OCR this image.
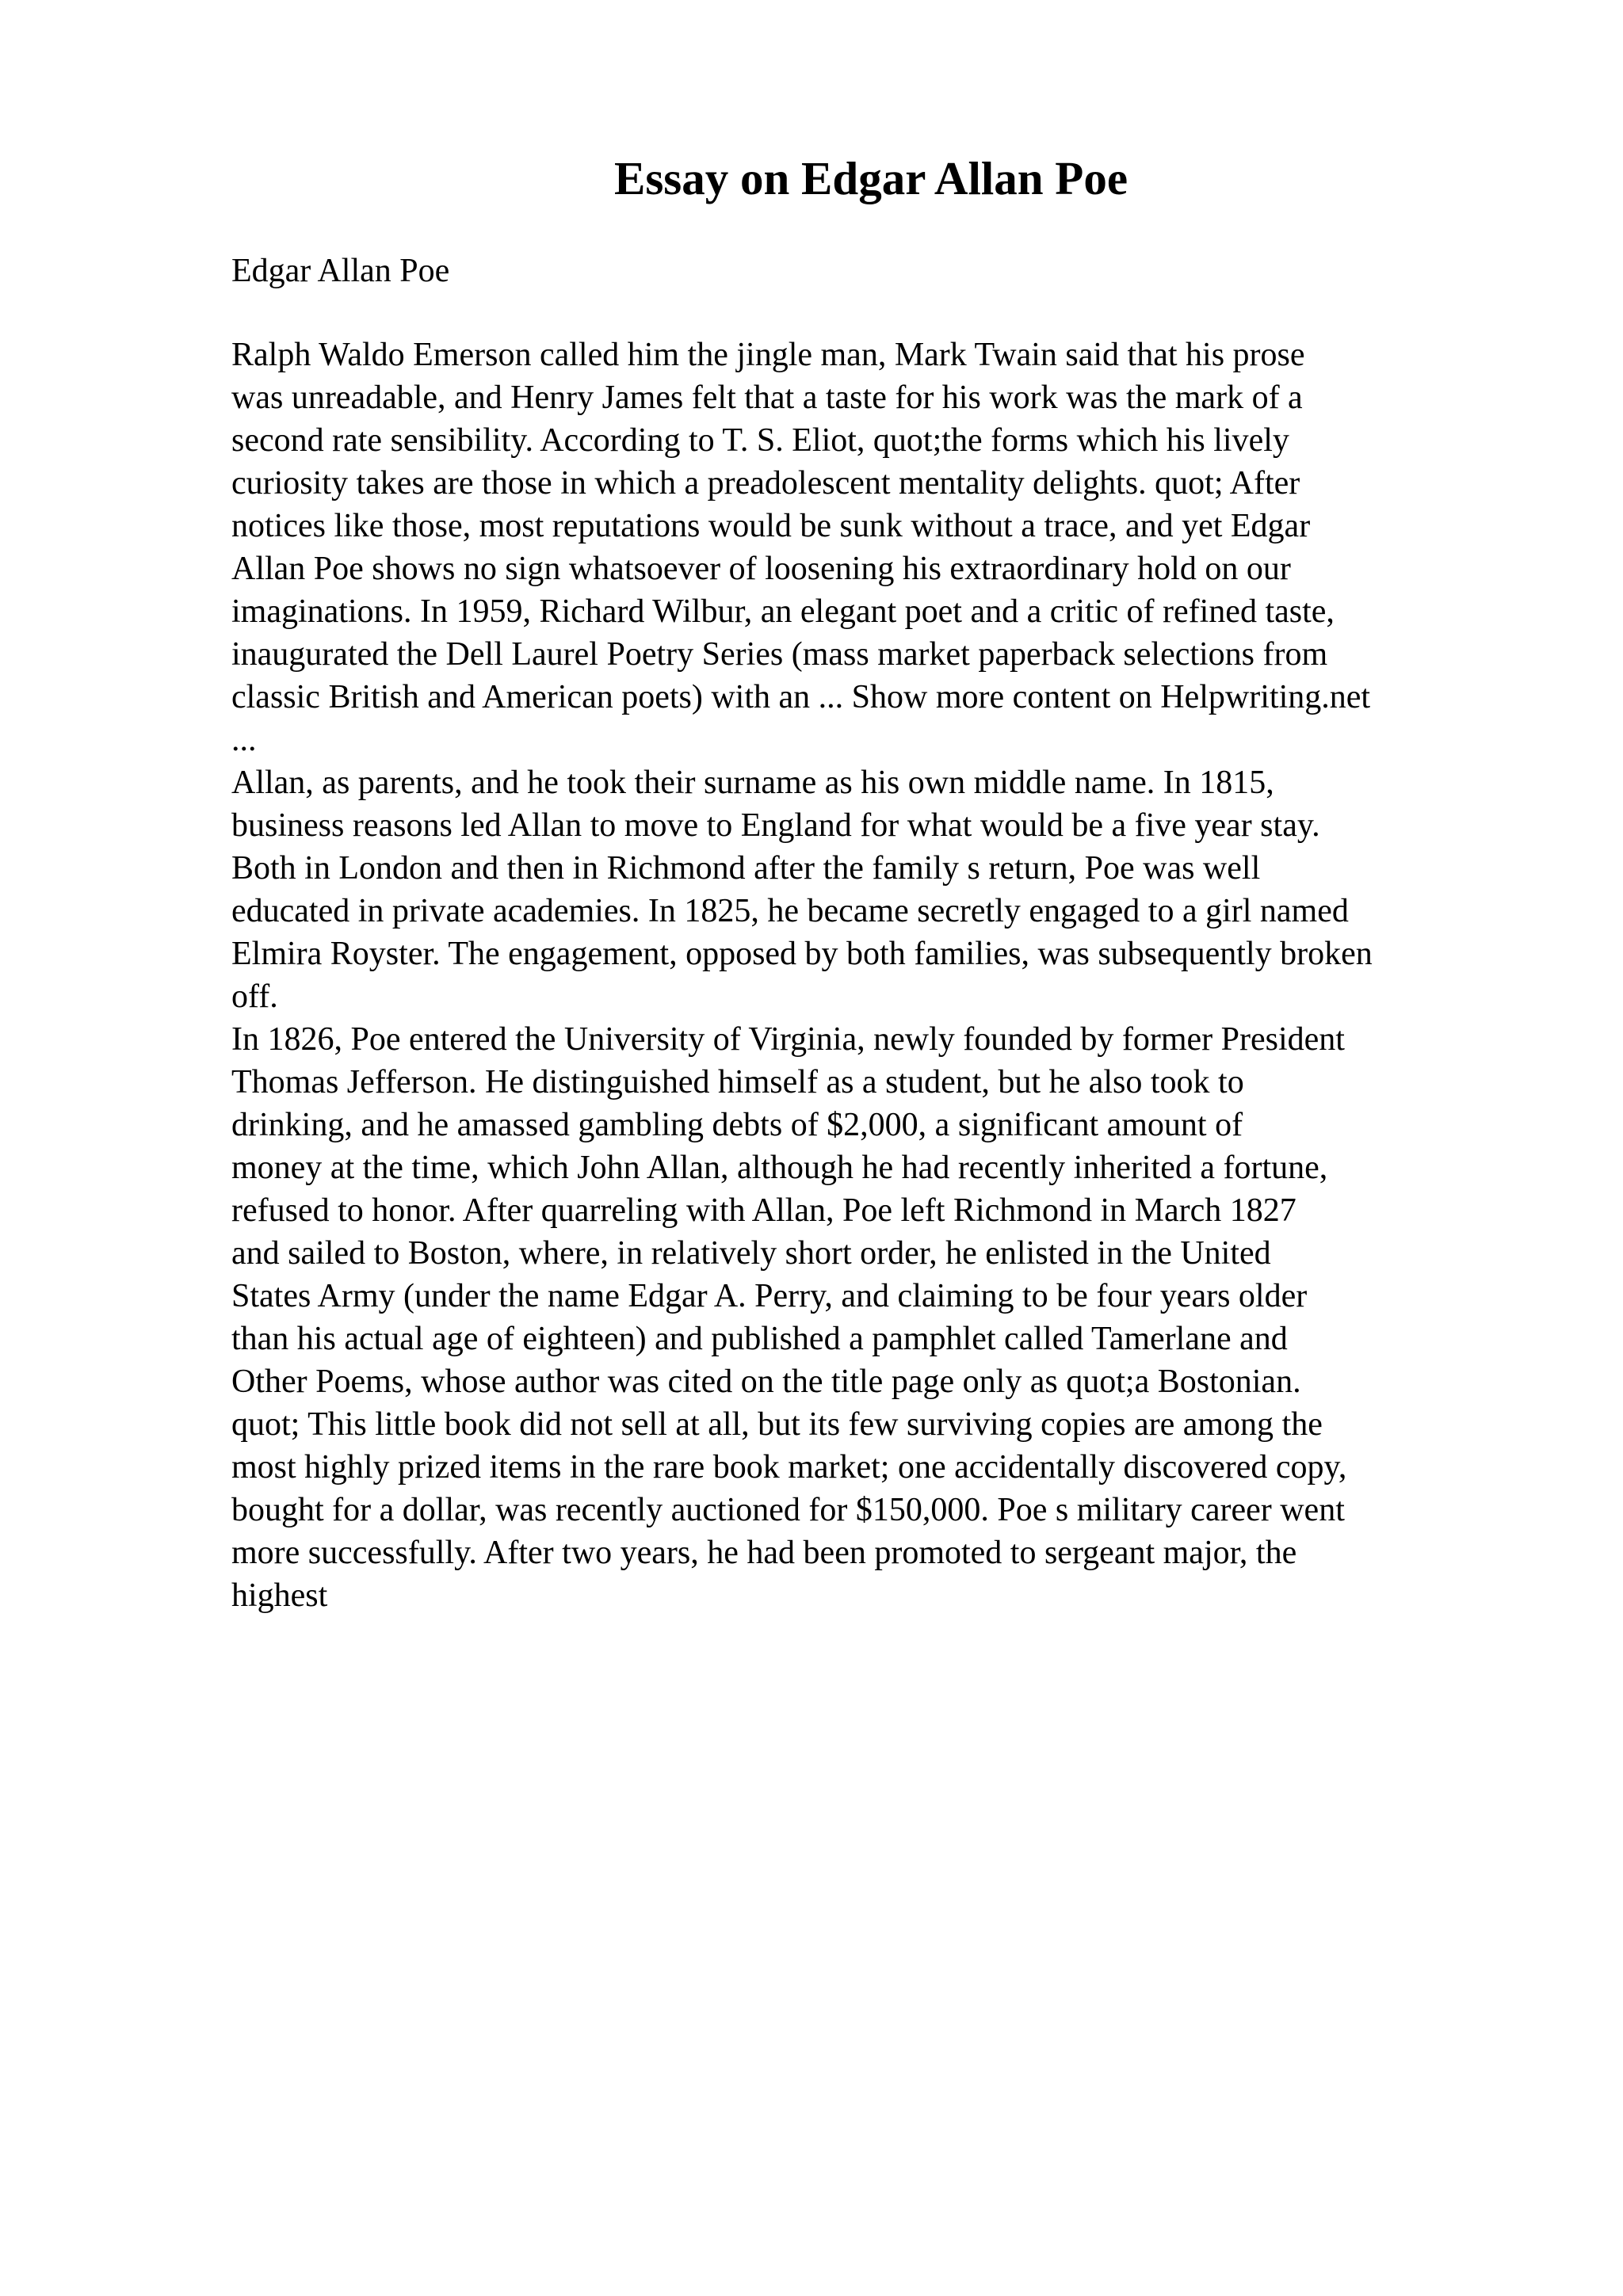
Essay on Edgar Allan Poe

Edgar Allan Poe

Ralph Waldo Emerson called him the jingle man, Mark Twain said that his prose

was unreadable, and Henry James felt that a taste for his work was the mark of a

second rate sensibility. According to T. S. Eliot, quot;the forms which his lively

curiosity takes are those in which a preadolescent mentality delights. quot; After

notices like those, most reputations would be sunk without a trace, and yet Edgar

Allan Poe shows no sign whatsoever of loosening his extraordinary hold on our

imaginations. In 1959, Richard Wilbur, an elegant poet and a critic of refined taste,

inaugurated the Dell Laurel Poetry Series (mass market paperback selections from

classic British and American poets) with an ... Show more content on Helpwriting.net

...

Allan, as parents, and he took their surname as his own middle name. In 1815,

business reasons led Allan to move to England for what would be a five year stay.

Both in London and then in Richmond after the family s return, Poe was well

educated in private academies. In 1825, he became secretly engaged to a girl named

Elmira Royster. The engagement, opposed by both families, was subsequently broken

off.

In 1826, Poe entered the University of Virginia, newly founded by former President

Thomas Jefferson. He distinguished himself as a student, but he also took to

drinking, and he amassed gambling debts of $2,000, a significant amount of

money at the time, which John Allan, although he had recently inherited a fortune,

refused to honor. After quarreling with Allan, Poe left Richmond in March 1827

and sailed to Boston, where, in relatively short order, he enlisted in the United

States Army (under the name Edgar A. Perry, and claiming to be four years older

than his actual age of eighteen) and published a pamphlet called Tamerlane and

Other Poems, whose author was cited on the title page only as quot;a Bostonian.

quot; This little book did not sell at all, but its few surviving copies are among the

most highly prized items in the rare book market; one accidentally discovered copy,

bought for a dollar, was recently auctioned for $150,000. Poe s military career went

more successfully. After two years, he had been promoted to sergeant major, the

highest
